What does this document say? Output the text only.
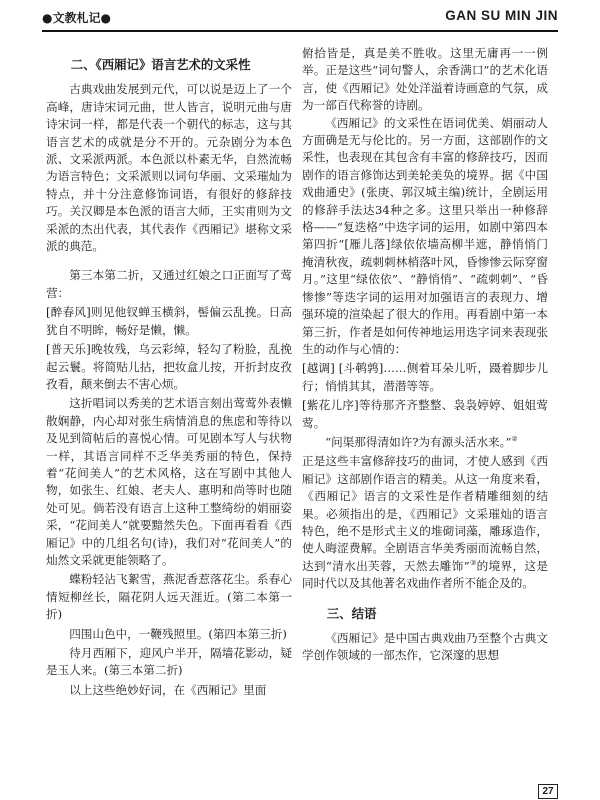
●文教札记●	GAN SU MIN JIN
二、《西厢记》语言艺术的文采性

古典戏曲发展到元代，可以说是迈上了一个高峰，唐诗宋词元曲，世人皆言，说明元曲与唐诗宋词一样，都是代表一个朝代的标志，这与其语言艺术的成就是分不开的。元杂剧分为本色派、文采派两派。本色派以朴素无华，自然流畅为语言特色；文采派则以词句华丽、文采璀灿为特点，并十分注意修饰词语，有很好的修辞技巧。关汉卿是本色派的语言大师，王实甫则为文采派的杰出代表，其代表作《西厢记》堪称文采派的典范。

第三本第二折，又通过红娘之口正面写了莺营：

[醉春风]则见他钗蝉玉横斜，髻偏云乱挽。日高犹自不明眸，畅好是懒，懒。

[普天乐]晚妆残，乌云彩绰，轻勾了粉脸，乱挽起云鬟。将简贴儿拈，把妆盒儿按，开折封皮孜孜看，颠来倒去不害心烦。

这折唱词以秀美的艺术语言刻出莺莺外表懒散娴静，内心却对张生病情消息的焦虑和等待以及见到简帖后的喜悦心情。可见剧本写人与状物一样，其语言同样不乏华美秀丽的特色，保持着“花间美人”的艺术风格，这在写剧中其他人物，如张生、红娘、老夫人、惠明和尚等时也随处可见。倘若没有语言上这种工整绮纷的娟丽姿采，“花间美人”就要黯然失色。下面再看看《西厢记》中的几组名句(诗)，我们对“花间美人”的灿然文采就更能领略了。

蝶粉轻沾飞絮雪，燕泥香惹落花尘。系春心情短柳丝长，隔花阴人远天涯近。(第二本第一折)

四围山色中，一鞭残照里。(第四本第三折)

待月西厢下，迎风户半开，隔墙花影动，疑是玉人来。(第三本第二折)

以上这些绝妙好词，在《西厢记》里面

俯拾皆是，真是美不胜收。这里无庸再一一例举。正是这些“词句警人，余香满口”的艺术化语言，使《西厢记》处处洋溢着诗画意的气氛，成为一部百代称誉的诗剧。

《西厢记》的文采性在语词优美、娟丽动人方面确是无与伦比的。另一方面，这部剧作的文采性，也表现在其包含有丰富的修辞技巧，因而剧作的语言修饰达到美轮美奂的境界。据《中国戏曲通史》(张庚、郭汉城主编)统计，全剧运用的修辞手法达34种之多。这里只举出一种修辞格——“复迭格”中迭字词的运用，如剧中第四本第四折“[雁儿落]绿依依墙高柳半遮，静悄悄门掩清秋夜，疏刺刺林梢落叶风，昏惨惨云际穿窗月。”这里“绿依依”、“静悄悄”、“疏刺刺”、“昏惨惨”等迭字词的运用对加强语言的表现力、增强环境的渲染起了很大的作用。再看剧中第一本第三折，作者是如何传神地运用迭字词来表现张生的动作与心情的：

[越调] [斗鹌鹑]……侧着耳朵儿听，蹑着脚步儿行；悄悄其其，潜潜等等。

[紫花儿序]等待那齐齐整整、袅袅婷婷、姐姐莺莺。

“问渠那得清如许?为有源头活水来。”②

正是这些丰富修辞技巧的曲词，才使人感到《西厢记》这部剧作语言的精美。从这一角度来看，《西厢记》语言的文采性是作者精雕细刻的结果。必须指出的是，《西厢记》文采璀灿的语言特色，绝不是形式主义的堆砌词藻，雕琢造作，使人晦涩费解。全剧语言华美秀丽而流畅自然，达到“清水出芙蓉，天然去雕饰”③的境界，这是同时代以及其他著名戏曲作者所不能企及的。

三、结语

《西厢记》是中国古典戏曲乃至整个古典文学创作领域的一部杰作，它深邃的思想

27
